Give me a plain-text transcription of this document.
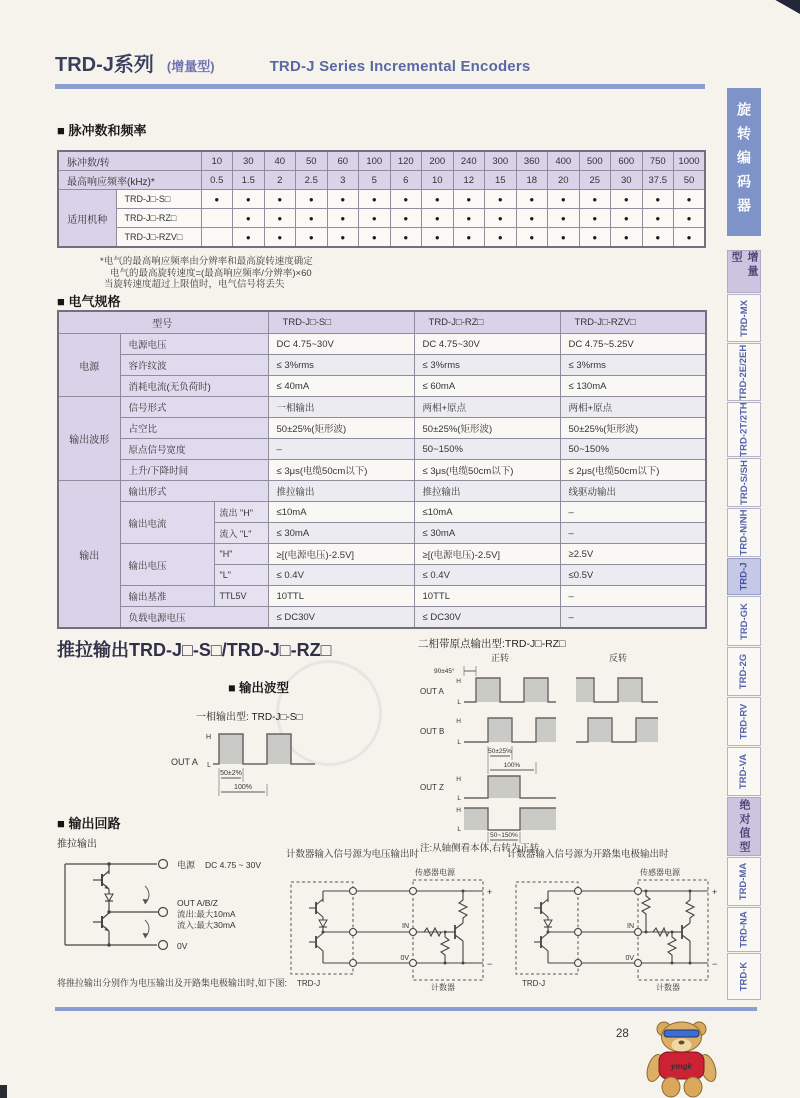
TRD-J系列 (增量型)	TRD-J Series Incremental Encoders
■ 脉冲数和频率
脉冲数/转		10	30	40	50	60	100	120	200	240	300	360	400	500	600	750	1000
最高响应频率(kHz)*		0.5	1.5	2	2.5	3	5	6	10	12	15	18	20	25	30	37.5	50
适用机种	TRD-J□-S□	●	●	●	●	●	●	●	●	●	●	●	●	●	●	●	●
	TRD-J□-RZ□		●	●	●	●	●	●	●	●	●	●	●	●	●	●	●
	TRD-J□-RZV□		●	●	●	●	●	●	●	●	●	●	●	●	●	●	●
*电气的最高响应频率由分辨率和最高旋转速度确定
电气的最高旋转速度=(最高响应频率/分辨率)×60
当旋转速度超过上限值时，电气信号将丢失
■ 电气规格
型号			TRD-J□-S□	TRD-J□-RZ□	TRD-J□-RZV□
电源	电源电压		DC 4.75~30V	DC 4.75~30V	DC 4.75~5.25V
	容许纹波		≤ 3%rms	≤ 3%rms	≤ 3%rms
	消耗电流(无负荷时)		≤ 40mA	≤ 60mA	≤ 130mA
输出波形	信号形式		一相输出	两相+原点	两相+原点
	占空比		50±25%(矩形波)	50±25%(矩形波)	50±25%(矩形波)
	原点信号宽度		–	50~150%	50~150%
	上升/下降时间		≤ 3μs(电缆50cm以下)	≤ 3μs(电缆50cm以下)	≤ 2μs(电缆50cm以下)
输出	输出形式		推拉输出	推拉输出	线驱动输出
	输出电流	流出 "H"	≤10mA	≤10mA	–
		流入 "L"	≤ 30mA	≤ 30mA	–
	输出电压	"H"	≥[(电源电压)-2.5V]	≥[(电源电压)-2.5V]	≥2.5V
		"L"	≤ 0.4V	≤ 0.4V	≤0.5V
	输出基准	TTL5V	10TTL	10TTL	–
	负载电源电压		≤ DC30V	≤ DC30V	–
推拉输出TRD-J□-S□/TRD-J□-RZ□	二相带原点输出型:TRD-J□-RZ□
■ 输出波型
一相输出型: TRD-J□-S□
OUT A
H
L
50±2%
100%
正转	反转
90±45°
OUT A
H
L
OUT B
H
L
50±25%
100%
OUT Z
H
L
H
L
50~150%
注:从轴侧看本体,右转为正转
■ 输出回路
推拉输出
电源 DC 4.75 ~ 30V
OUT A/B/Z
流出:最大10mA
流入:最大30mA
0V
将推拉输出分别作为电压输出及开路集电极输出时,如下图:
计数器输入信号源为电压输出时
传感器电源
IN
0V
+
−
TRD-J	计数器
计数器输入信号源为开路集电极输出时
传感器电源
IN
0V
+
−
TRD-J	计数器
28
ymgk
旋转编码器
增量型
TRD-MX
TRD-2E/2EH
TRD-2T/2TH
TRD-S/SH
TRD-N/NH
TRD-J
TRD-GK
TRD-2G
TRD-RV
TRD-VA
绝对值型
TRD-MA
TRD-NA
TRD-K
